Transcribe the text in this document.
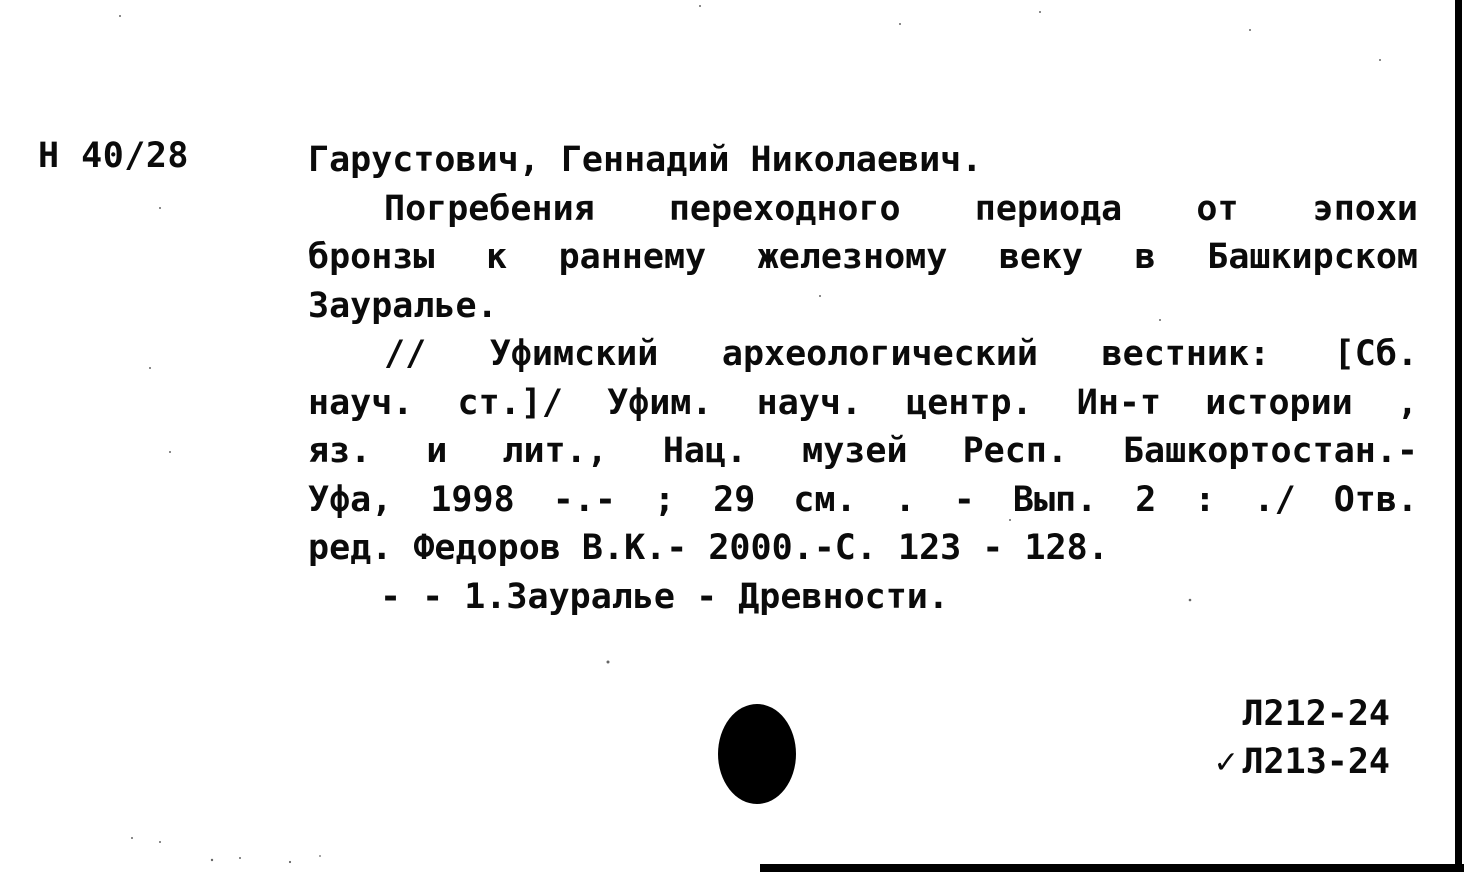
Н 40/28	Гарустович, Геннадий Николаевич.
Погребения переходного периода от эпохи
бронзы к раннему железному веку в Башкирском
Зауралье.
// Уфимский археологический вестник: [Сб.
науч. ст.]/ Уфим. науч. центр. Ин-т истории ,
яз. и лит., Нац. музей Респ. Башкортостан.-
Уфа, 1998 -.- ; 29 см. . - Вып. 2 : ./ Отв.
ред. Федоров В.К.- 2000.-С. 123 - 128.
- - 1.Зауралье - Древности.
Л212-24
✓ Л213-24
